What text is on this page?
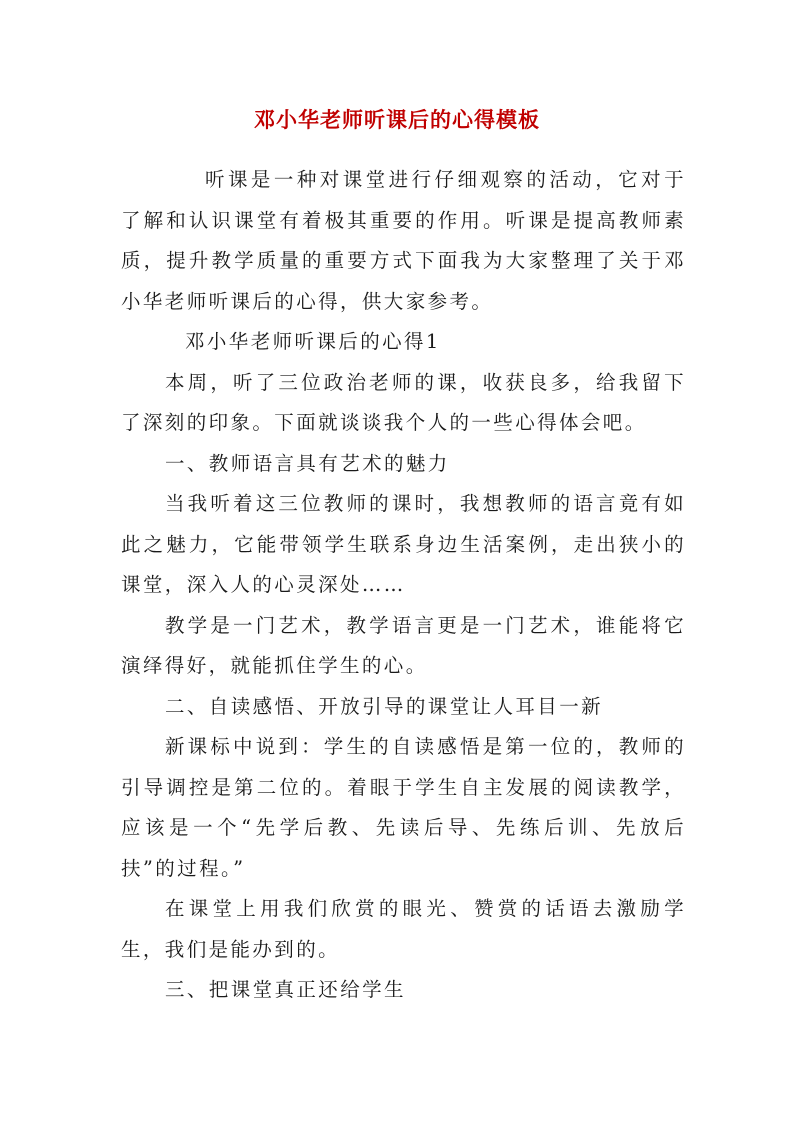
邓小华老师听课后的心得模板

听课是一种对课堂进行仔细观察的活动，它对于了解和认识课堂有着极其重要的作用。听课是提高教师素质，提升教学质量的重要方式下面我为大家整理了关于邓小华老师听课后的心得，供大家参考。

邓小华老师听课后的心得1

本周，听了三位政治老师的课，收获良多，给我留下了深刻的印象。下面就谈谈我个人的一些心得体会吧。

一、教师语言具有艺术的魅力

当我听着这三位教师的课时，我想教师的语言竟有如此之魅力，它能带领学生联系身边生活案例，走出狭小的课堂，深入人的心灵深处……

教学是一门艺术，教学语言更是一门艺术，谁能将它演绎得好，就能抓住学生的心。

二、自读感悟、开放引导的课堂让人耳目一新

新课标中说到：学生的自读感悟是第一位的，教师的引导调控是第二位的。着眼于学生自主发展的阅读教学，应该是一个“先学后教、先读后导、先练后训、先放后扶”的过程。”

在课堂上用我们欣赏的眼光、赞赏的话语去激励学生，我们是能办到的。

三、把课堂真正还给学生
